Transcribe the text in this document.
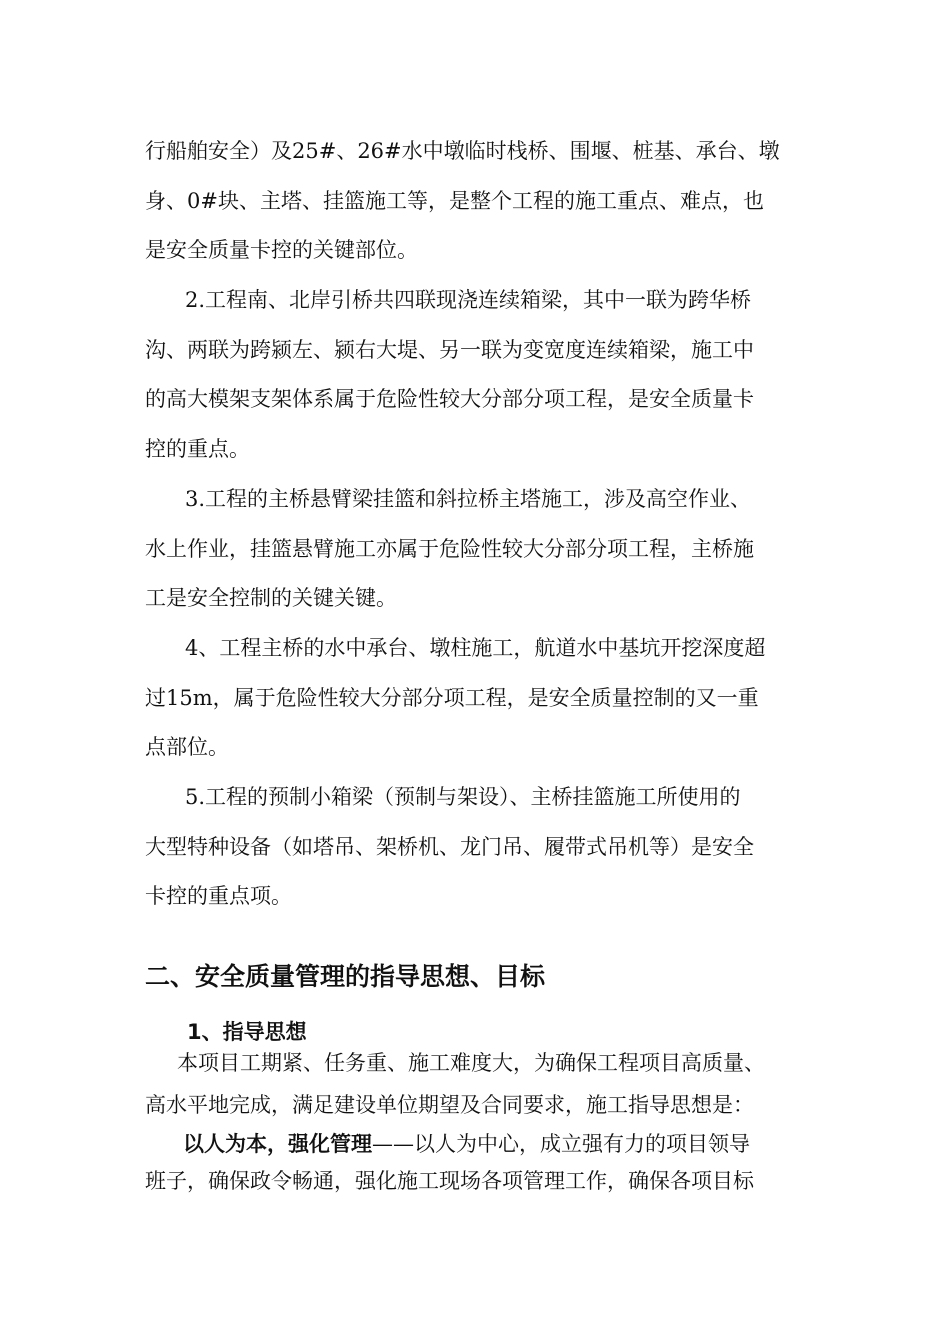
行船舶安全）及25#、26#水中墩临时栈桥、围堰、桩基、承台、墩
身、0#块、主塔、挂篮施工等，是整个工程的施工重点、难点，也
是安全质量卡控的关键部位。
2.工程南、北岸引桥共四联现浇连续箱梁，其中一联为跨华桥
沟、两联为跨颍左、颍右大堤、另一联为变宽度连续箱梁，施工中
的高大模架支架体系属于危险性较大分部分项工程，是安全质量卡
控的重点。
3.工程的主桥悬臂梁挂篮和斜拉桥主塔施工，涉及高空作业、
水上作业，挂篮悬臂施工亦属于危险性较大分部分项工程，主桥施
工是安全控制的关键关键。
4、工程主桥的水中承台、墩柱施工，航道水中基坑开挖深度超
过15m，属于危险性较大分部分项工程，是安全质量控制的又一重
点部位。
5.工程的预制小箱梁（预制与架设）、主桥挂篮施工所使用的
大型特种设备（如塔吊、架桥机、龙门吊、履带式吊机等）是安全
卡控的重点项。
二、安全质量管理的指导思想、目标
1、指导思想
本项目工期紧、任务重、施工难度大，为确保工程项目高质量、
高水平地完成，满足建设单位期望及合同要求，施工指导思想是：
以人为本，强化管理——以人为中心，成立强有力的项目领导
班子，确保政令畅通，强化施工现场各项管理工作，确保各项目标
